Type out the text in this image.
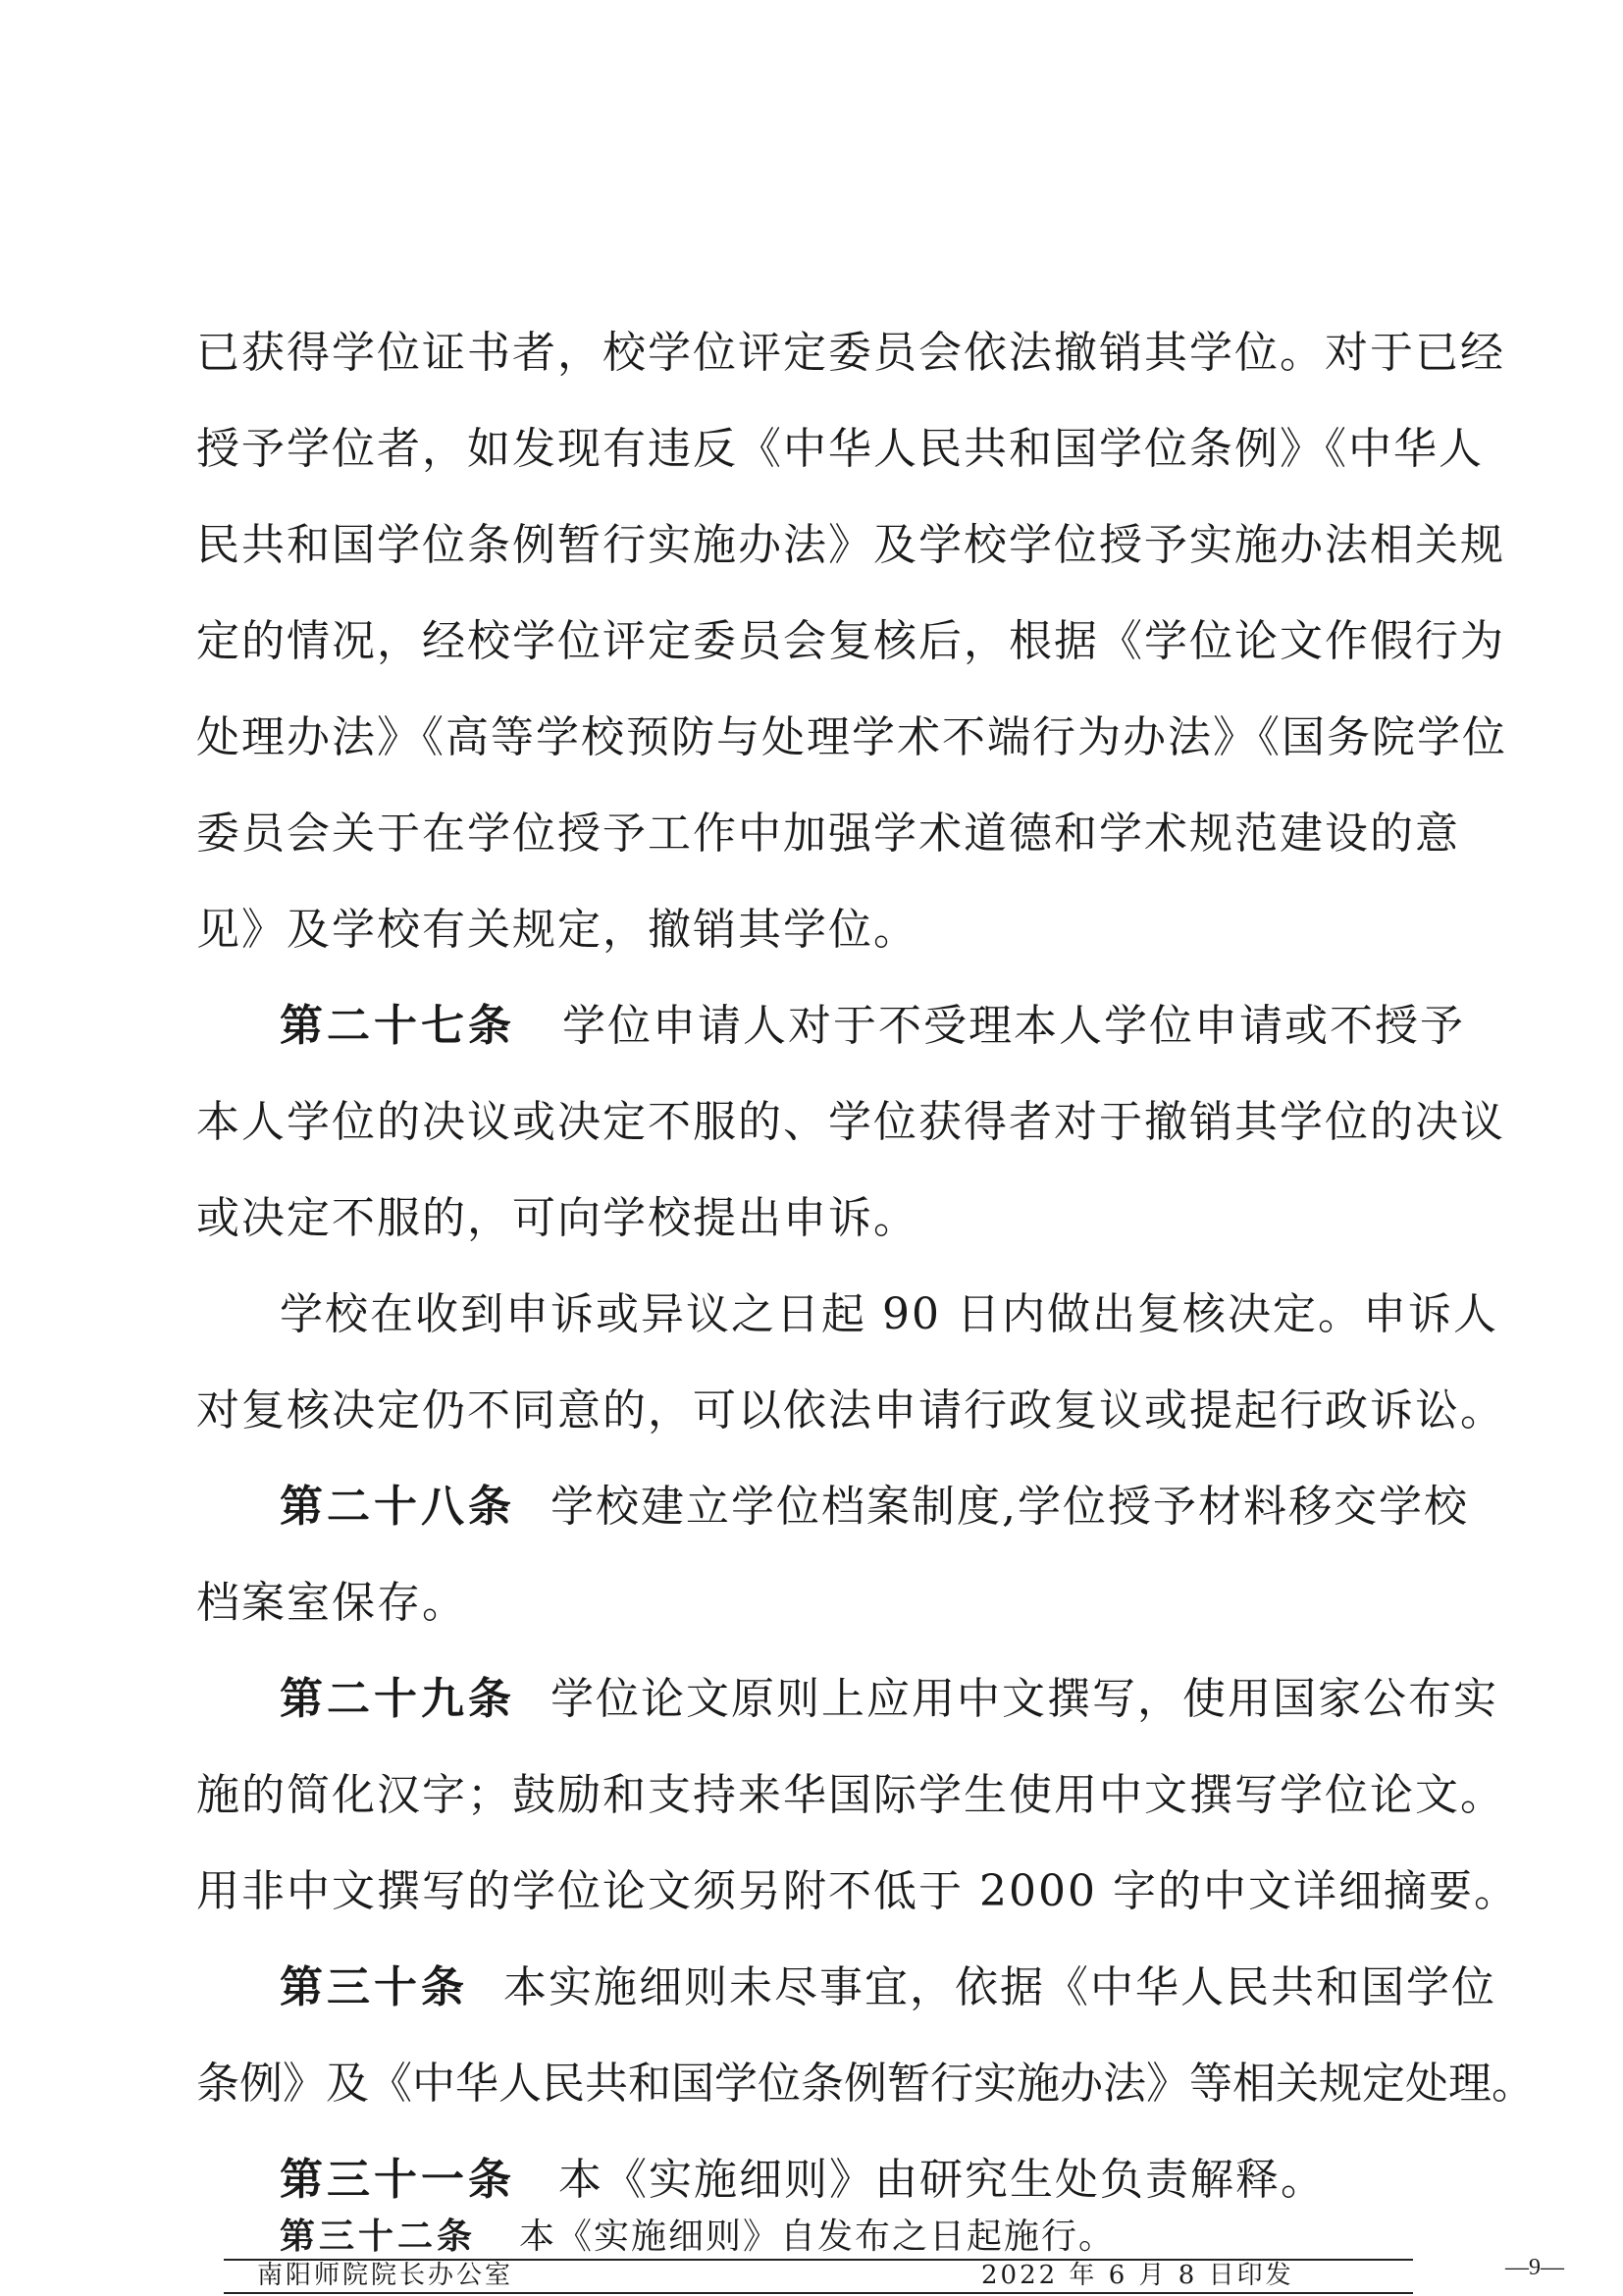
已获得学位证书者，校学位评定委员会依法撤销其学位。对于已经
授予学位者，如发现有违反《中华人民共和国学位条例》《中华人
民共和国学位条例暂行实施办法》及学校学位授予实施办法相关规
定的情况，经校学位评定委员会复核后，根据《学位论文作假行为
处理办法》《高等学校预防与处理学术不端行为办法》《国务院学位
委员会关于在学位授予工作中加强学术道德和学术规范建设的意
见》及学校有关规定，撤销其学位。
第二十七条 学位申请人对于不受理本人学位申请或不授予
本人学位的决议或决定不服的、学位获得者对于撤销其学位的决议
或决定不服的，可向学校提出申诉。
学校在收到申诉或异议之日起 90 日内做出复核决定。申诉人
对复核决定仍不同意的，可以依法申请行政复议或提起行政诉讼。
第二十八条 学校建立学位档案制度,学位授予材料移交学校
档案室保存。
第二十九条 学位论文原则上应用中文撰写，使用国家公布实
施的简化汉字；鼓励和支持来华国际学生使用中文撰写学位论文。
用非中文撰写的学位论文须另附不低于 2000 字的中文详细摘要。
第三十条 本实施细则未尽事宜，依据《中华人民共和国学位
条例》及《中华人民共和国学位条例暂行实施办法》等相关规定处理。
第三十一条 本《实施细则》由研究生处负责解释。
第三十二条 本《实施细则》自发布之日起施行。
南阳师院院长办公室	2022 年 6 月 8 日印发	—9—
